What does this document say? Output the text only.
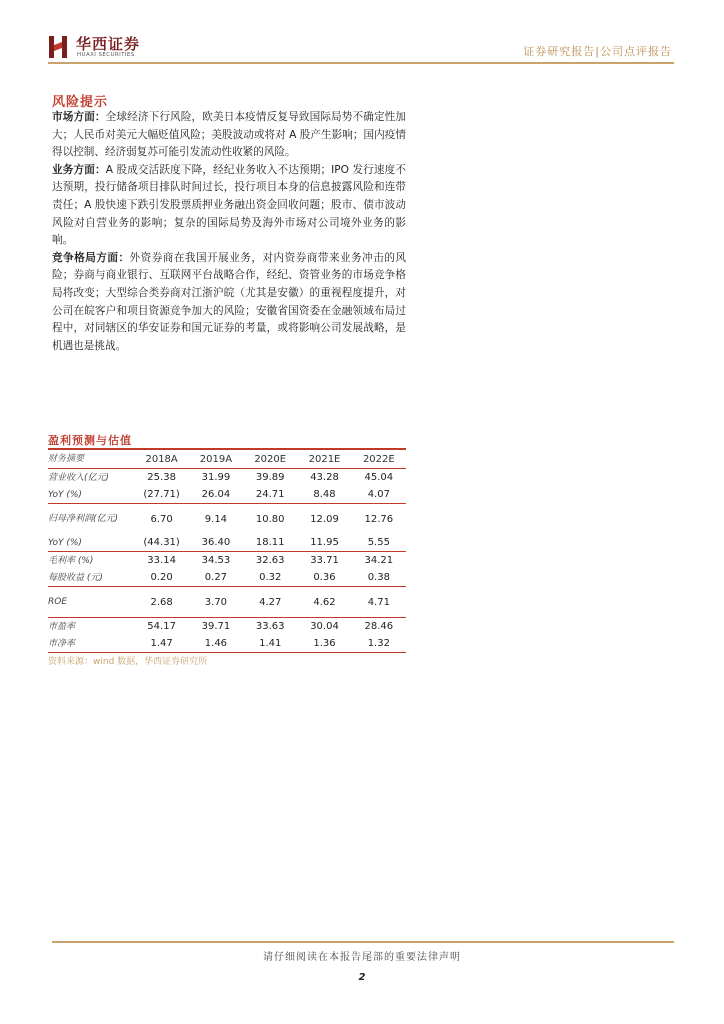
华西证券
HUAXI SECURITIES	证券研究报告|公司点评报告
风险提示

市场方面：全球经济下行风险，欧美日本疫情反复导致国际局势不确定性加大；人民币对美元大幅贬值风险；美股波动或将对 A 股产生影响；国内疫情得以控制、经济弱复苏可能引发流动性收紧的风险。

业务方面：A 股成交活跃度下降，经纪业务收入不达预期；IPO 发行速度不达预期，投行储备项目排队时间过长，投行项目本身的信息披露风险和连带责任；A 股快速下跌引发股票质押业务融出资金回收问题；股市、债市波动风险对自营业务的影响；复杂的国际局势及海外市场对公司境外业务的影响。

竞争格局方面：外资券商在我国开展业务，对内资券商带来业务冲击的风险；券商与商业银行、互联网平台战略合作，经纪、资管业务的市场竞争格局将改变；大型综合类券商对江浙沪皖（尤其是安徽）的重视程度提升，对公司在皖客户和项目资源竞争加大的风险；安徽省国资委在金融领域布局过程中，对同辖区的华安证券和国元证券的考量，或将影响公司发展战略，是机遇也是挑战。

盈利预测与估值
财务摘要	2018A	2019A	2020E	2021E	2022E
营业收入(亿元)	25.38	31.99	39.89	43.28	45.04
YoY (%)	(27.71)	26.04	24.71	8.48	4.07
归母净利润(亿元)	6.70	9.14	10.80	12.09	12.76
YoY (%)	(44.31)	36.40	18.11	11.95	5.55
毛利率 (%)	33.14	34.53	32.63	33.71	34.21
每股收益 (元)	0.20	0.27	0.32	0.36	0.38
ROE	2.68	3.70	4.27	4.62	4.71
市盈率	54.17	39.71	33.63	30.04	28.46
市净率	1.47	1.46	1.41	1.36	1.32
资料来源：wind 数据，华西证券研究所
请仔细阅读在本报告尾部的重要法律声明
2
